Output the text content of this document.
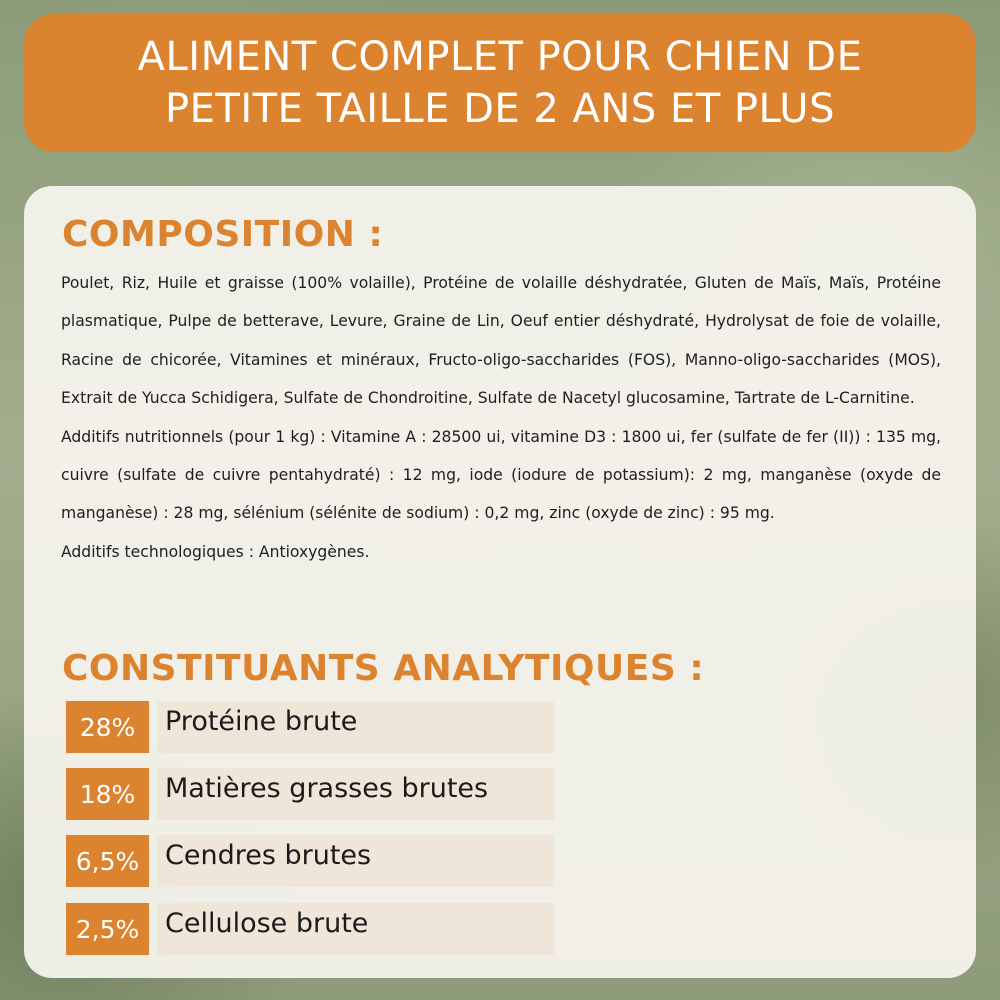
ALIMENT COMPLET POUR CHIEN DE
PETITE TAILLE DE 2 ANS ET PLUS
COMPOSITION :

Poulet, Riz, Huile et graisse (100% volaille), Protéine de volaille déshydratée, Gluten de Maïs, Maïs, Protéine plasmatique, Pulpe de betterave, Levure, Graine de Lin, Oeuf entier déshydraté, Hydrolysat de foie de volaille, Racine de chicorée, Vitamines et minéraux, Fructo-oligo-saccharides (FOS), Manno-oligo-saccharides (MOS), Extrait de Yucca Schidigera, Sulfate de Chondroitine, Sulfate de Nacetyl glucosamine, Tartrate de L-Carnitine.

Additifs nutritionnels (pour 1 kg) : Vitamine A : 28500 ui, vitamine D3 : 1800 ui, fer (sulfate de fer (II)) : 135 mg, cuivre (sulfate de cuivre pentahydraté) : 12 mg, iode (iodure de potassium): 2 mg, manganèse (oxyde de manganèse) : 28 mg, sélénium (sélénite de sodium) : 0,2 mg, zinc (oxyde de zinc) : 95 mg.

Additifs technologiques : Antioxygènes.

CONSTITUANTS ANALYTIQUES :
28%	Protéine brute
18%	Matières grasses brutes
6,5% Cendres brutes
2,5% Cellulose brute
